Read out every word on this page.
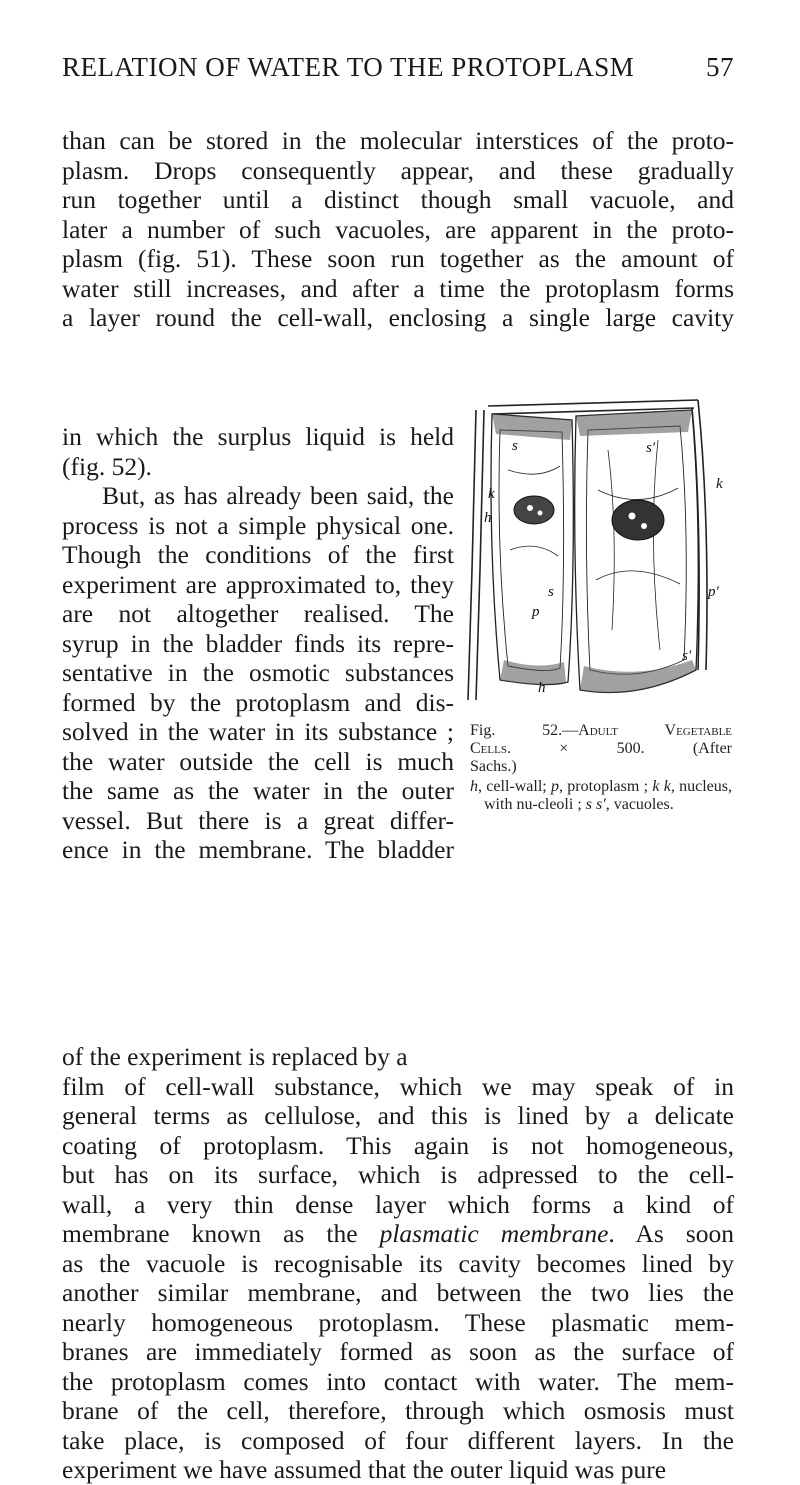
RELATION OF WATER TO THE PROTOPLASM	57
than can be stored in the molecular interstices of the proto-
plasm. Drops consequently appear, and these gradually
run together until a distinct though small vacuole, and
later a number of such vacuoles, are apparent in the proto-
plasm (fig. 51). These soon run together as the amount of
water still increases, and after a time the protoplasm forms
a layer round the cell-wall, enclosing a single large cavity
in which the surplus liquid is held
(fig. 52).
But, as has already been said, the
process is not a simple physical one.
Though the conditions of the first
experiment are approximated to, they
are not altogether realised. The
syrup in the bladder finds its repre-
sentative in the osmotic substances
formed by the protoplasm and dis-
solved in the water in its substance ;
the water outside the cell is much
the same as the water in the outer
vessel. But there is a great differ-
ence in the membrane. The bladder
s	s′
k
h
k
s
p
p′
s′
h
Fig. 52.—Adult Vegetable
Cells.	× 500.	(After
Sachs.)
h, cell-wall; p, protoplasm ; k k, nucleus, with nu-cleoli ; s s′, vacuoles.
of the experiment is replaced by a
film of cell-wall substance, which we may speak of in
general terms as cellulose, and this is lined by a delicate
coating of protoplasm. This again is not homogeneous,
but has on its surface, which is adpressed to the cell-
wall, a very thin dense layer which forms a kind of
membrane known as the plasmatic membrane. As soon
as the vacuole is recognisable its cavity becomes lined by
another similar membrane, and between the two lies the
nearly homogeneous protoplasm. These plasmatic mem-
branes are immediately formed as soon as the surface of
the protoplasm comes into contact with water. The mem-
brane of the cell, therefore, through which osmosis must
take place, is composed of four different layers. In the
experiment we have assumed that the outer liquid was pure
